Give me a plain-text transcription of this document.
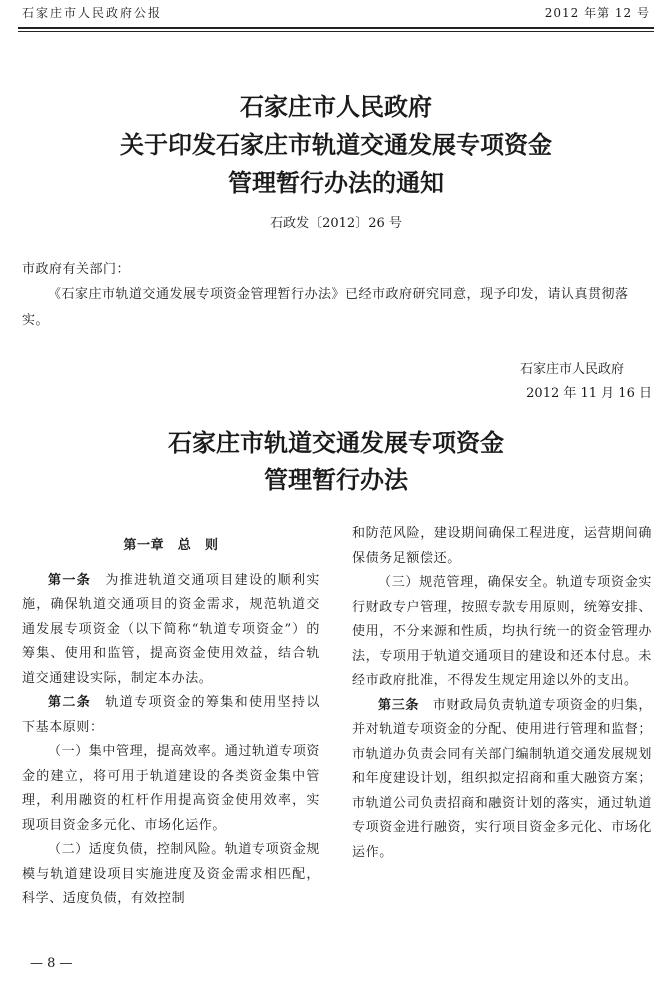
石家庄市人民政府公报	2012 年第 12 号
石家庄市人民政府
关于印发石家庄市轨道交通发展专项资金
管理暂行办法的通知
石政发〔2012〕26 号
市政府有关部门：
《石家庄市轨道交通发展专项资金管理暂行办法》已经市政府研究同意，现予印发，请认真贯彻落实。
石家庄市人民政府
2012 年 11 月 16 日
石家庄市轨道交通发展专项资金
管理暂行办法

第一章　总　则

第一条　 为推进轨道交通项目建设的顺利实施，确保轨道交通项目的资金需求，规范轨道交通发展专项资金（以下简称“轨道专项资金”）的筹集、使用和监管，提高资金使用效益，结合轨道交通建设实际，制定本办法。

第二条　 轨道专项资金的筹集和使用坚持以下基本原则：

（一）集中管理，提高效率。通过轨道专项资金的建立，将可用于轨道建设的各类资金集中管理，利用融资的杠杆作用提高资金使用效率，实现项目资金多元化、市场化运作。

（二）适度负债，控制风险。轨道专项资金规模与轨道建设项目实施进度及资金需求相匹配，科学、适度负债，有效控制

和防范风险，建设期间确保工程进度，运营期间确保债务足额偿还。

（三）规范管理，确保安全。轨道专项资金实行财政专户管理，按照专款专用原则，统筹安排、使用，不分来源和性质，均执行统一的资金管理办法，专项用于轨道交通项目的建设和还本付息。未经市政府批准，不得发生规定用途以外的支出。

第三条　 市财政局负责轨道专项资金的归集，并对轨道专项资金的分配、使用进行管理和监督；市轨道办负责会同有关部门编制轨道交通发展规划和年度建设计划，组织拟定招商和重大融资方案；市轨道公司负责招商和融资计划的落实，通过轨道专项资金进行融资，实行项目资金多元化、市场化运作。

— 8 —
